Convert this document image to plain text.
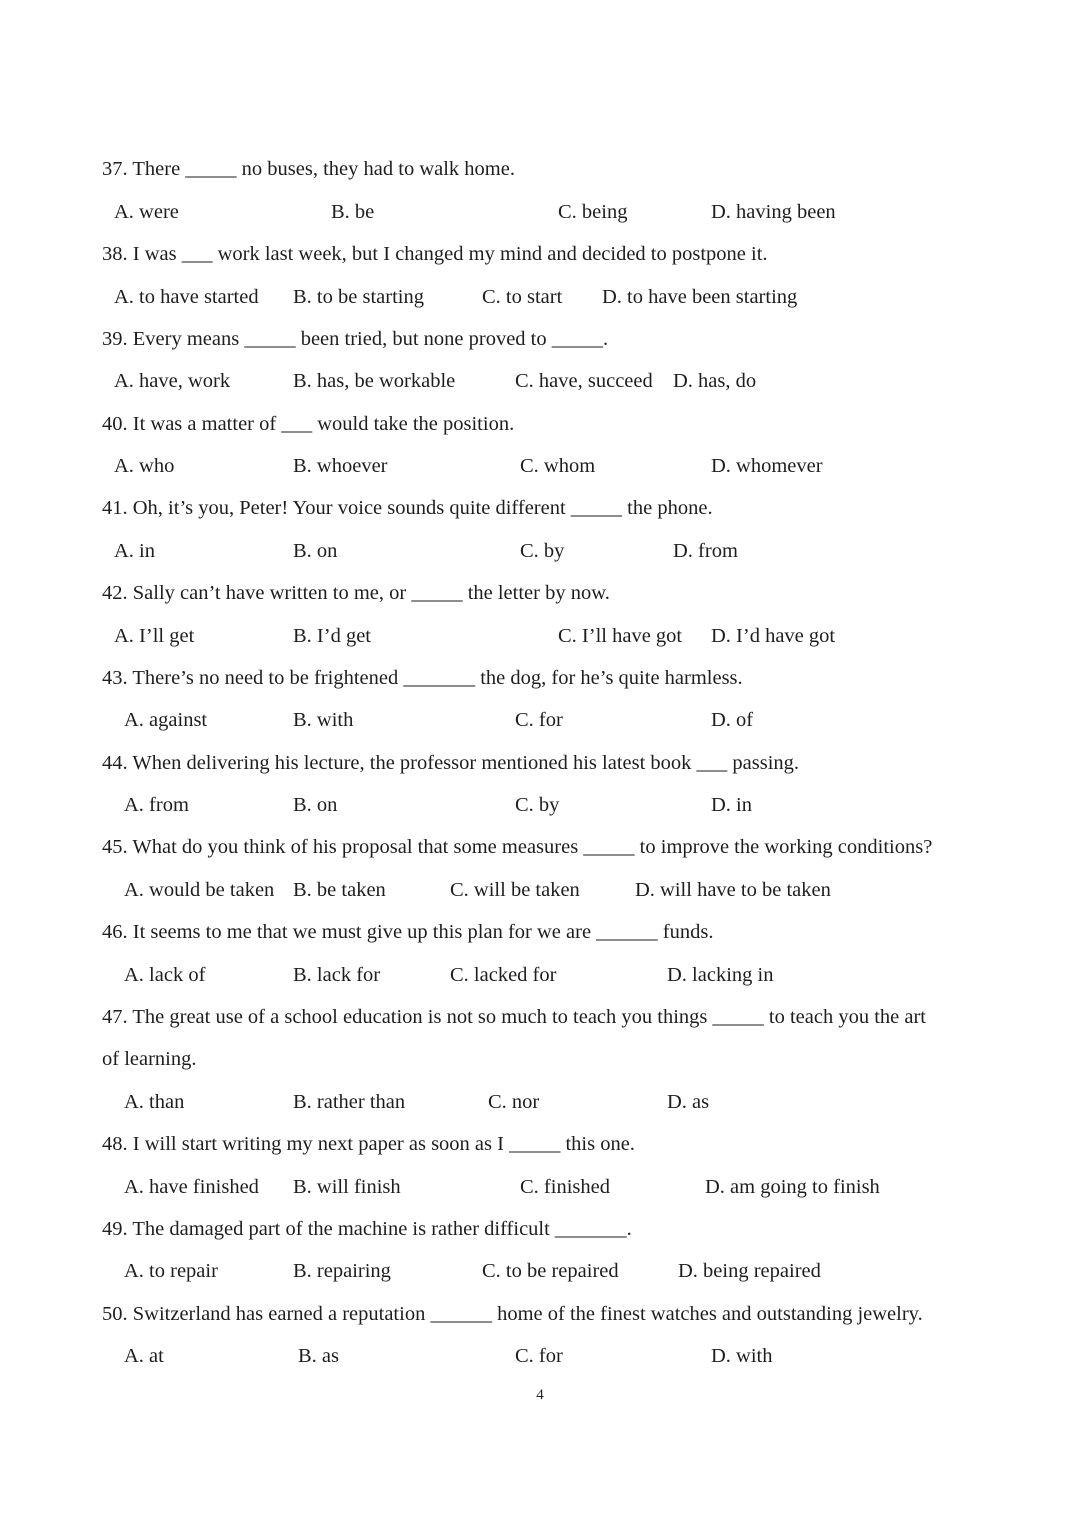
37. There _____ no buses, they had to walk home.
A. were	B. be	C. being	D. having been
38. I was ___ work last week, but I changed my mind and decided to postpone it.
A. to have started B. to be starting	C. to start D. to have been starting
39. Every means _____ been tried, but none proved to _____.
A. have, work	B. has, be workable	C. have, succeed D. has, do
40. It was a matter of ___ would take the position.
A. who	B. whoever	C. whom	D. whomever
41. Oh, it’s you, Peter! Your voice sounds quite different _____ the phone.
A. in	B. on	C. by	D. from
42. Sally can’t have written to me, or _____ the letter by now.
A. I’ll get	B. I’d get	C. I’ll have got D. I’d have got
43. There’s no need to be frightened _______ the dog, for he’s quite harmless.
A. against	B. with	C. for	D. of
44. When delivering his lecture, the professor mentioned his latest book ___ passing.
A. from	B. on	C. by	D. in
45. What do you think of his proposal that some measures _____ to improve the working conditions?
A. would be taken B. be taken	C. will be taken	D. will have to be taken
46. It seems to me that we must give up this plan for we are ______ funds.
A. lack of	B. lack for	C. lacked for	D. lacking in
47. The great use of a school education is not so much to teach you things _____ to teach you the art
of learning.
A. than	B. rather than	C. nor	D. as
48. I will start writing my next paper as soon as I _____ this one.
A. have finished B. will finish	C. finished	D. am going to finish
49. The damaged part of the machine is rather difficult _______.
A. to repair	B. repairing	C. to be repaired	D. being repaired
50. Switzerland has earned a reputation ______ home of the finest watches and outstanding jewelry.
A. at	B. as	C. for	D. with
4
